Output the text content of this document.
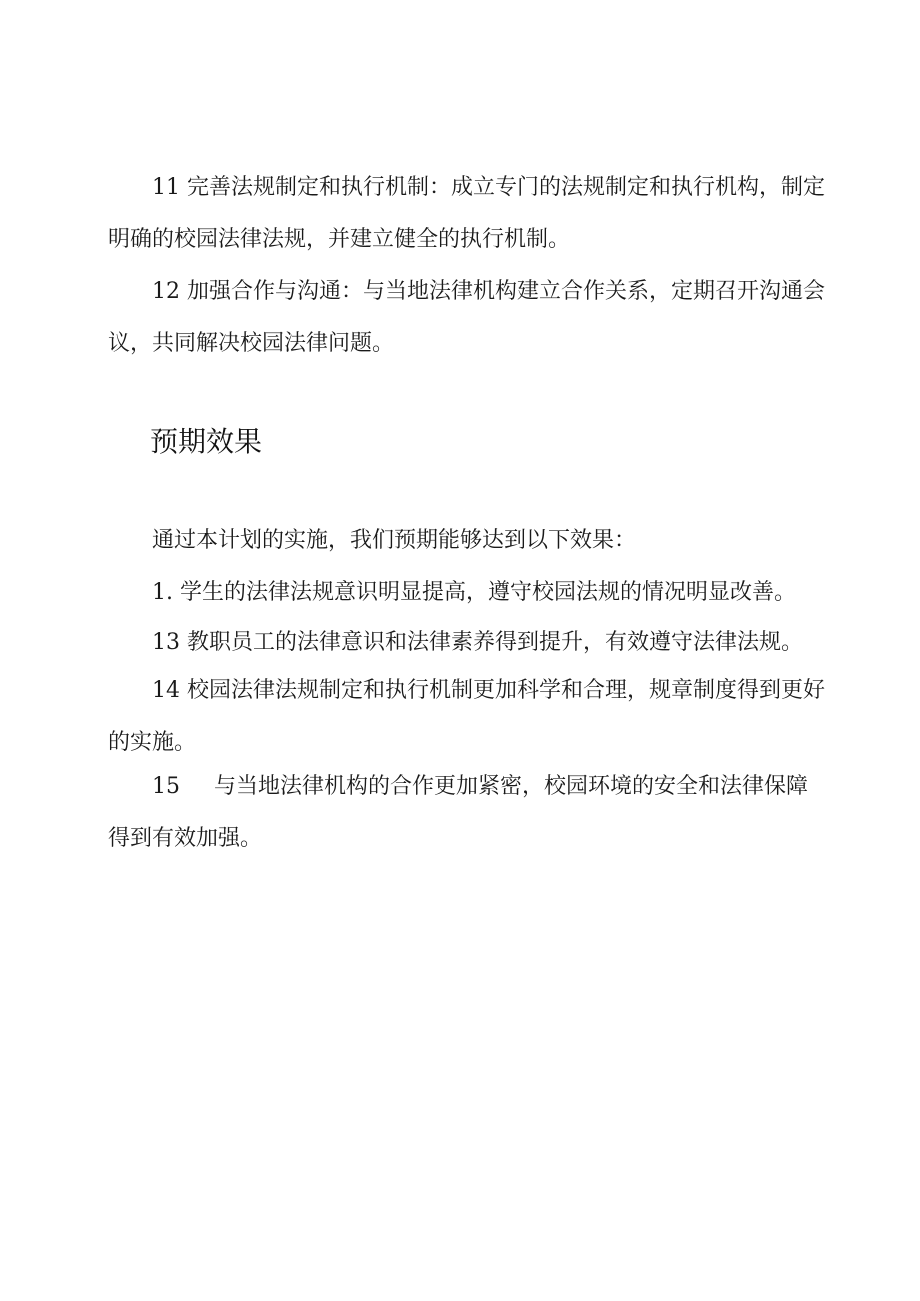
11 完善法规制定和执行机制：成立专门的法规制定和执行机构，制定明确的校园法律法规，并建立健全的执行机制。

12 加强合作与沟通：与当地法律机构建立合作关系，定期召开沟通会议，共同解决校园法律问题。

预期效果

通过本计划的实施，我们预期能够达到以下效果：

1. 学生的法律法规意识明显提高，遵守校园法规的情况明显改善。

13 教职员工的法律意识和法律素养得到提升，有效遵守法律法规。

14 校园法律法规制定和执行机制更加科学和合理，规章制度得到更好的实施。

15 与当地法律机构的合作更加紧密，校园环境的安全和法律保障得到有效加强。
